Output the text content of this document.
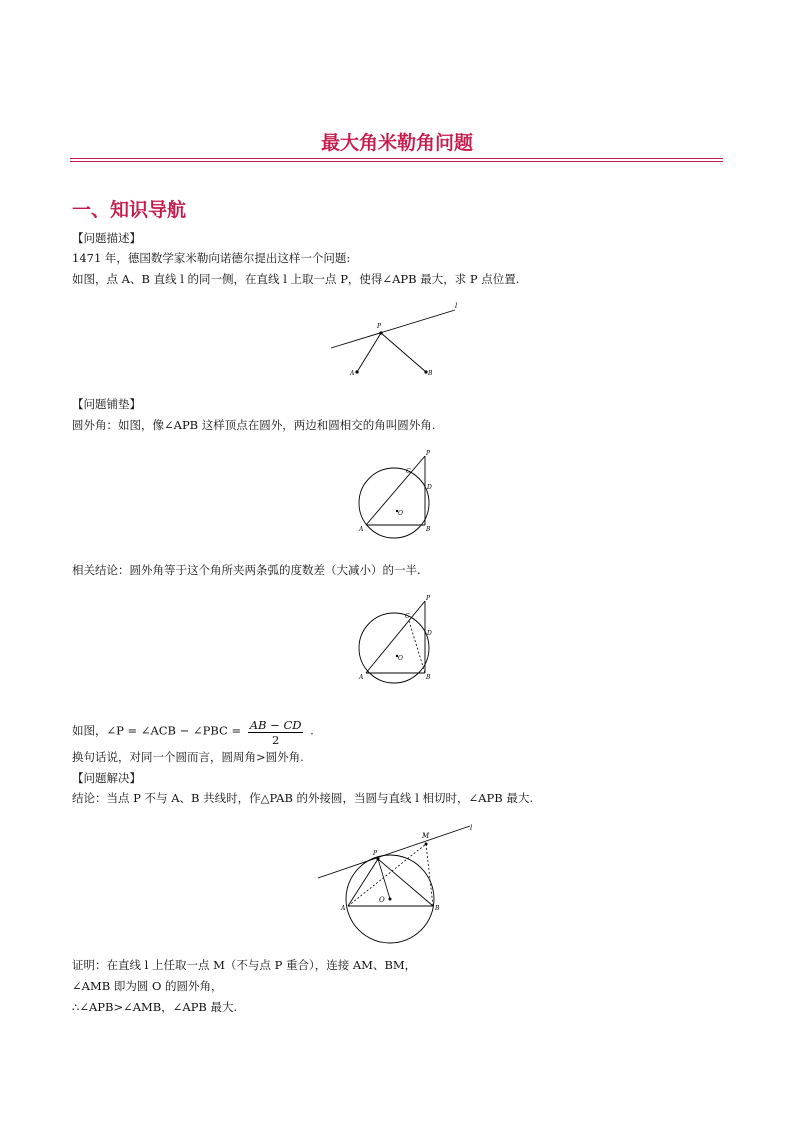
最大角米勒角问题
一、知识导航
【问题描述】
1471 年，德国数学家米勒向诺德尔提出这样一个问题:
如图，点 A、B 直线 l 的同一侧，在直线 l 上取一点 P，使得∠APB 最大，求 P 点位置.
l
P
A	B
【问题铺垫】
圆外角：如图，像∠APB 这样顶点在圆外，两边和圆相交的角叫圆外角.
P
C
D
O
A	B
相关结论：圆外角等于这个角所夹两条弧的度数差（大减小）的一半.
P
C
D
O
A	B
如图，∠P = ∠ACB − ∠PBC = $\frac{AB - CD}{2}$ .
换句话说，对同一个圆而言，圆周角>圆外角.
【问题解决】
结论：当点 P 不与 A、B 共线时，作△PAB 的外接圆，当圆与直线 l 相切时，∠APB 最大.
l
M
P
O
A	B
证明：在直线 l 上任取一点 M（不与点 P 重合），连接 AM、BM，
∠AMB 即为圆 O 的圆外角，
∴∠APB>∠AMB，∠APB 最大.
